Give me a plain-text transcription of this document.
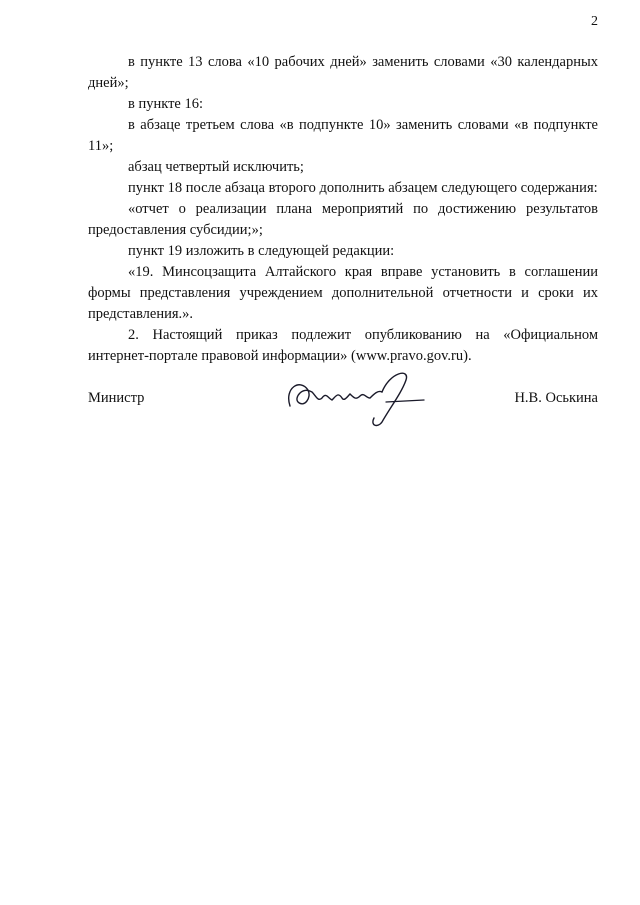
2

в пункте 13 слова «10 рабочих дней» заменить словами «30 календарных дней»;

в пункте 16:

в абзаце третьем слова «в подпункте 10» заменить словами «в подпункте 11»;

абзац четвертый исключить;

пункт 18 после абзаца второго дополнить абзацем следующего содержания:

«отчет о реализации плана мероприятий по достижению результатов предоставления субсидии;»;

пункт 19 изложить в следующей редакции:

«19. Минсоцзащита Алтайского края вправе установить в соглашении формы представления учреждением дополнительной отчетности и сроки их представления.».

2. Настоящий приказ подлежит опубликованию на «Официальном интернет-портале правовой информации» (www.pravo.gov.ru).

Министр	Н.В. Оськина
